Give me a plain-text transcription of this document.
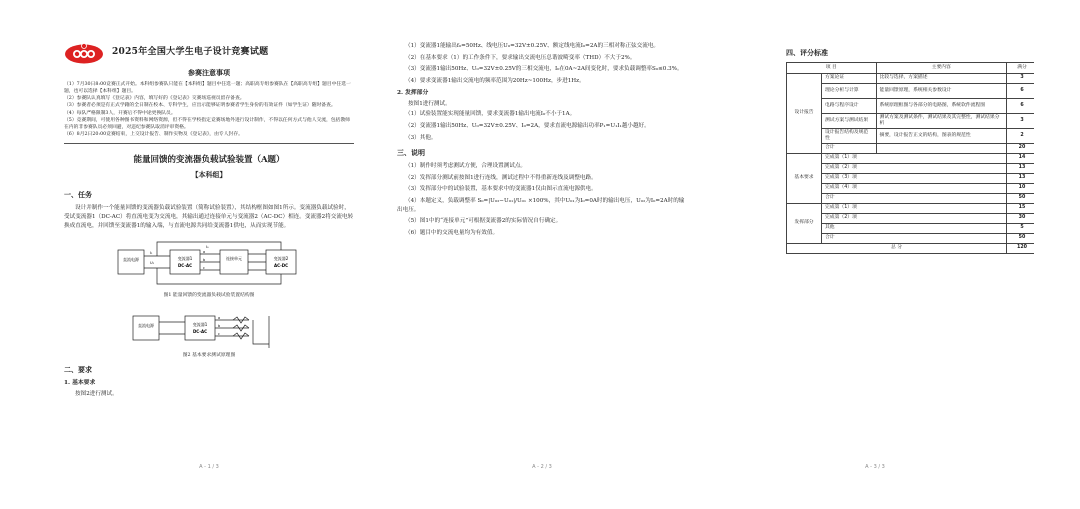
2025年全国大学生电子设计竞赛试题
参赛注意事项

（1）7月30日8:00竞赛正式开始。本科组参赛队只能在【本科组】题目中任选一题；高职高专组参赛队在【高职高专组】题目中任选一题，也可以选择【本科组】题目。

（2）参赛队认真填写《登记表》内容，填写好的《登记表》交赛场巡视员留存备查。

（3）参赛者必须是有正式学籍的全日制在校本、专科学生，应出示能够证明参赛者学生身份的有效证件（如学生证）随时备查。

（4）每队严格限制3人，开赛后不得中途更换队员。

（5）竞赛期间，可使用各种图书资料和网络资源，但不得在学校指定竞赛场地外进行设计制作，不得以任何方式与他人交流，包括教师在内的非参赛队员必须回避，对违纪参赛队取消评审资格。

（6）8月2日20:00竞赛结束，上交设计报告、制作实物及《登记表》，由专人封存。

能量回馈的变流器负载试验装置（A题）
【本科组】
一、任务

设计并制作一个能量回馈的变流器负载试验装置（简称试验装置），其结构框图如图1所示。变流器负载试验时，受试变流器1（DC-AC）将直流电变为交流电，其输出通过连接单元与变流器2（AC-DC）相连。变流器2将交流电转换成直流电，并回馈至变流器1的输入端，与直流电源共同给变流器1供电，从而实现节能。

直流电源	变流器1
DC-AC
连接单元	变流器2
AC-DC
I₁
U₁
I₀
a
b
c
图1 能量回馈的变流器负载试验装置结构图
直流电源	变流器1
DC-AC
a
b
c
图2 基本要求测试原理图
二、要求
1. 基本要求

按图2进行测试。

A - 1 / 3

（1）变流器1能输出f₀=50Hz、线电压U₀=32V±0.25V、额定线电流I₀=2A的三相对称正弦交流电。

（2）在基本要求（1）的工作条件下，要求输出交流电压总谐波畸变率（THD）不大于2%。

（3）变流器1输出50Hz、U₀=32V±0.25V的三相交流电，I₀在0A~2A间变化时，要求负载调整率S₀≤0.3%。

（4）要求变流器1输出交流电的频率范围为20Hz~100Hz，步进1Hz。

2. 发挥部分

按图1进行测试。

（1）试验装置能实现能量回馈，要求变流器1输出电流I₀不小于1A。

（2）变流器1输出50Hz、U₀=32V±0.25V、I₀=2A，要求直流电源输出功率P₁=U₁I₁越小越好。

（3）其他。

三、说明

（1）制作时须考虑测试方便，合理设置测试点。

（2）发挥部分测试前按图1进行连线，测试过程中不得重新连线及调整电路。

（3）发挥部分中的试验装置，基本要求中的变流器1仅由图示直流电源供电。

（4）本题定义，负载调整率 S₀=|U₀₂−U₀₁|/U₀₁ ×100%，其中U₀₁为I₀=0A时的输出电压，U₀₂为I₀=2A时的输出电压。

（5）图1中的“连接单元”可根据变流器2的实际情况自行确定。

（6）题目中的交流电量均为有效值。

A - 2 / 3
四、评分标准
项 目		主要内容	满分
设计报告	方案论证	比较与选择，方案描述	3
	理论分析与计算	能量回馈原理，系统相关参数设计	6
	电路与程序设计	系统原理框图与各部分的电路图，系统软件流程图	6
	测试方案与测试结果	测试方案及测试条件，测试结果及其完整性，测试结果分析	3
	设计报告结构及规范性	摘要，设计报告正文的结构，图表的规范性	2
	合计		20
基本要求	完成第（1）项		14
	完成第（2）项		13
	完成第（3）项		13
	完成第（4）项		10
	合计		50
发挥部分	完成第（1）项		15
	完成第（2）项		30
	其他		5
	合计		50
总 分			120
A - 3 / 3
